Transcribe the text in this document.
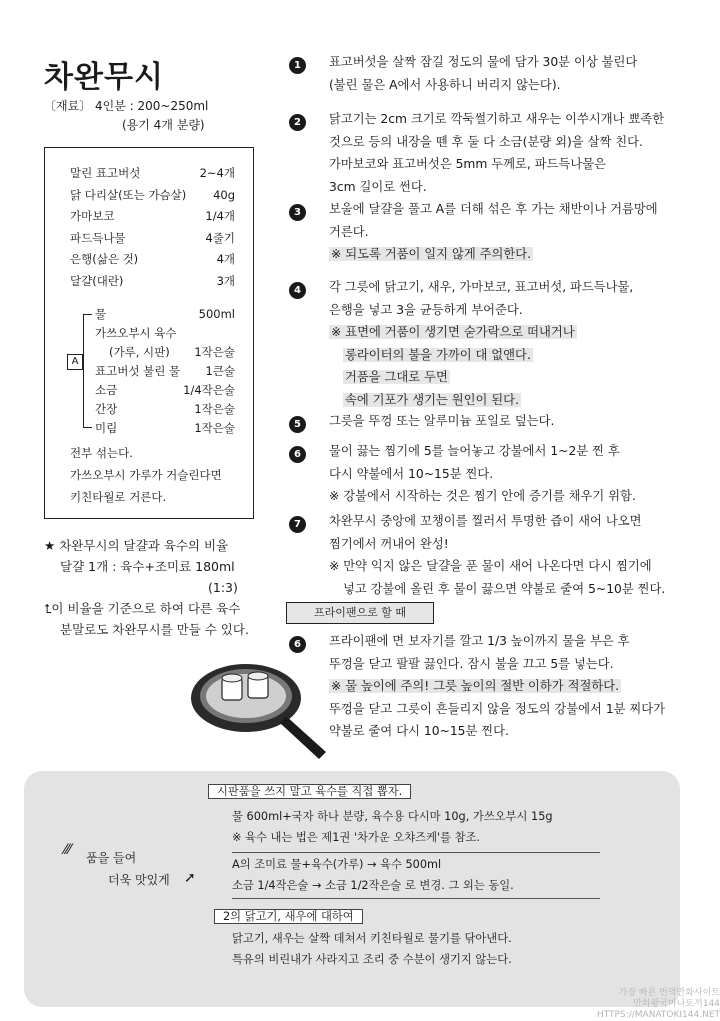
차완무시
〔재료〕 4인분 : 200~250ml
(용기 4개 분량)
말린 표고버섯	2~4개
닭 다리살(또는 가슴살) 40g
가마보코	1/4개
파드득나물	4줄기
은행(삶은 것)	4개
달걀(대란)	3개
A
물	500ml
가쓰오부시 육수
(가루, 시판) 1작은술
표고버섯 불린 물 1큰술
소금	1/4작은술
간장	1작은술
미림	1작은술
전부 섞는다.
가쓰오부시 가루가 거슬린다면
키친타월로 거른다.
★ 차완무시의 달걀과 육수의 비율
달걀 1개 : 육수+조미료 180ml
(1:3)
⮤이 비율을 기준으로 하여 다른 육수
분말로도 차완무시를 만들 수 있다.
1	표고버섯을 살짝 잠길 정도의 물에 담가 30분 이상 불린다
(불린 물은 A에서 사용하니 버리지 않는다).
2	닭고기는 2cm 크기로 깍둑썰기하고 새우는 이쑤시개나 뾰족한
것으로 등의 내장을 뗀 후 둘 다 소금(분량 외)을 살짝 친다.
가마보코와 표고버섯은 5mm 두께로, 파드득나물은
3cm 길이로 썬다.
3	보울에 달걀을 풀고 A를 더해 섞은 후 가는 채반이나 거름망에
거른다.
※ 되도록 거품이 일지 않게 주의한다.
4	각 그릇에 닭고기, 새우, 가마보코, 표고버섯, 파드득나물,
은행을 넣고 3을 균등하게 부어준다.
※ 표면에 거품이 생기면 숟가락으로 떠내거나
롱라이터의 불을 가까이 대 없앤다.
거품을 그대로 두면
속에 기포가 생기는 원인이 된다.
5	그릇을 뚜껑 또는 알루미늄 포일로 덮는다.
6	물이 끓는 찜기에 5를 늘어놓고 강불에서 1~2분 찐 후
다시 약불에서 10~15분 찐다.
※ 강불에서 시작하는 것은 찜기 안에 증기를 채우기 위함.
7	차완무시 중앙에 꼬챙이를 찔러서 투명한 즙이 새어 나오면
찜기에서 꺼내어 완성!
※ 만약 익지 않은 달걀을 푼 물이 새어 나온다면 다시 찜기에
넣고 강불에 올린 후 물이 끓으면 약불로 줄여 5~10분 찐다.
프라이팬으로 할 때
6	프라이팬에 면 보자기를 깔고 1/3 높이까지 물을 부은 후
뚜껑을 닫고 팔팔 끓인다. 잠시 불을 끄고 5를 넣는다.
※ 물 높이에 주의! 그릇 높이의 절반 이하가 적절하다.
뚜껑을 닫고 그릇이 흔들리지 않을 정도의 강불에서 1분 찌다가
약불로 줄여 다시 10~15분 찐다.
⁄⁄⁄ 품을 들여
더욱 맛있게 ➚
시판품을 쓰지 말고 육수를 직접 뽑자.
물 600ml+국자 하나 분량, 육수용 다시마 10g, 가쓰오부시 15g
※ 육수 내는 법은 제1권 '차가운 오챠즈케'를 참조.
A의 조미료 물+육수(가루) → 육수 500ml
소금 1/4작은술 → 소금 1/2작은술 로 변경. 그 외는 동일.
2의 닭고기, 새우에 대하여
닭고기, 새우는 살짝 데쳐서 키친타월로 물기를 닦아낸다.
특유의 비린내가 사라지고 조리 중 수분이 생기지 않는다.
가장 빠른 번역만화사이트
만화왕국마나토끼144
HTTPS://MANATOKI144.NET
